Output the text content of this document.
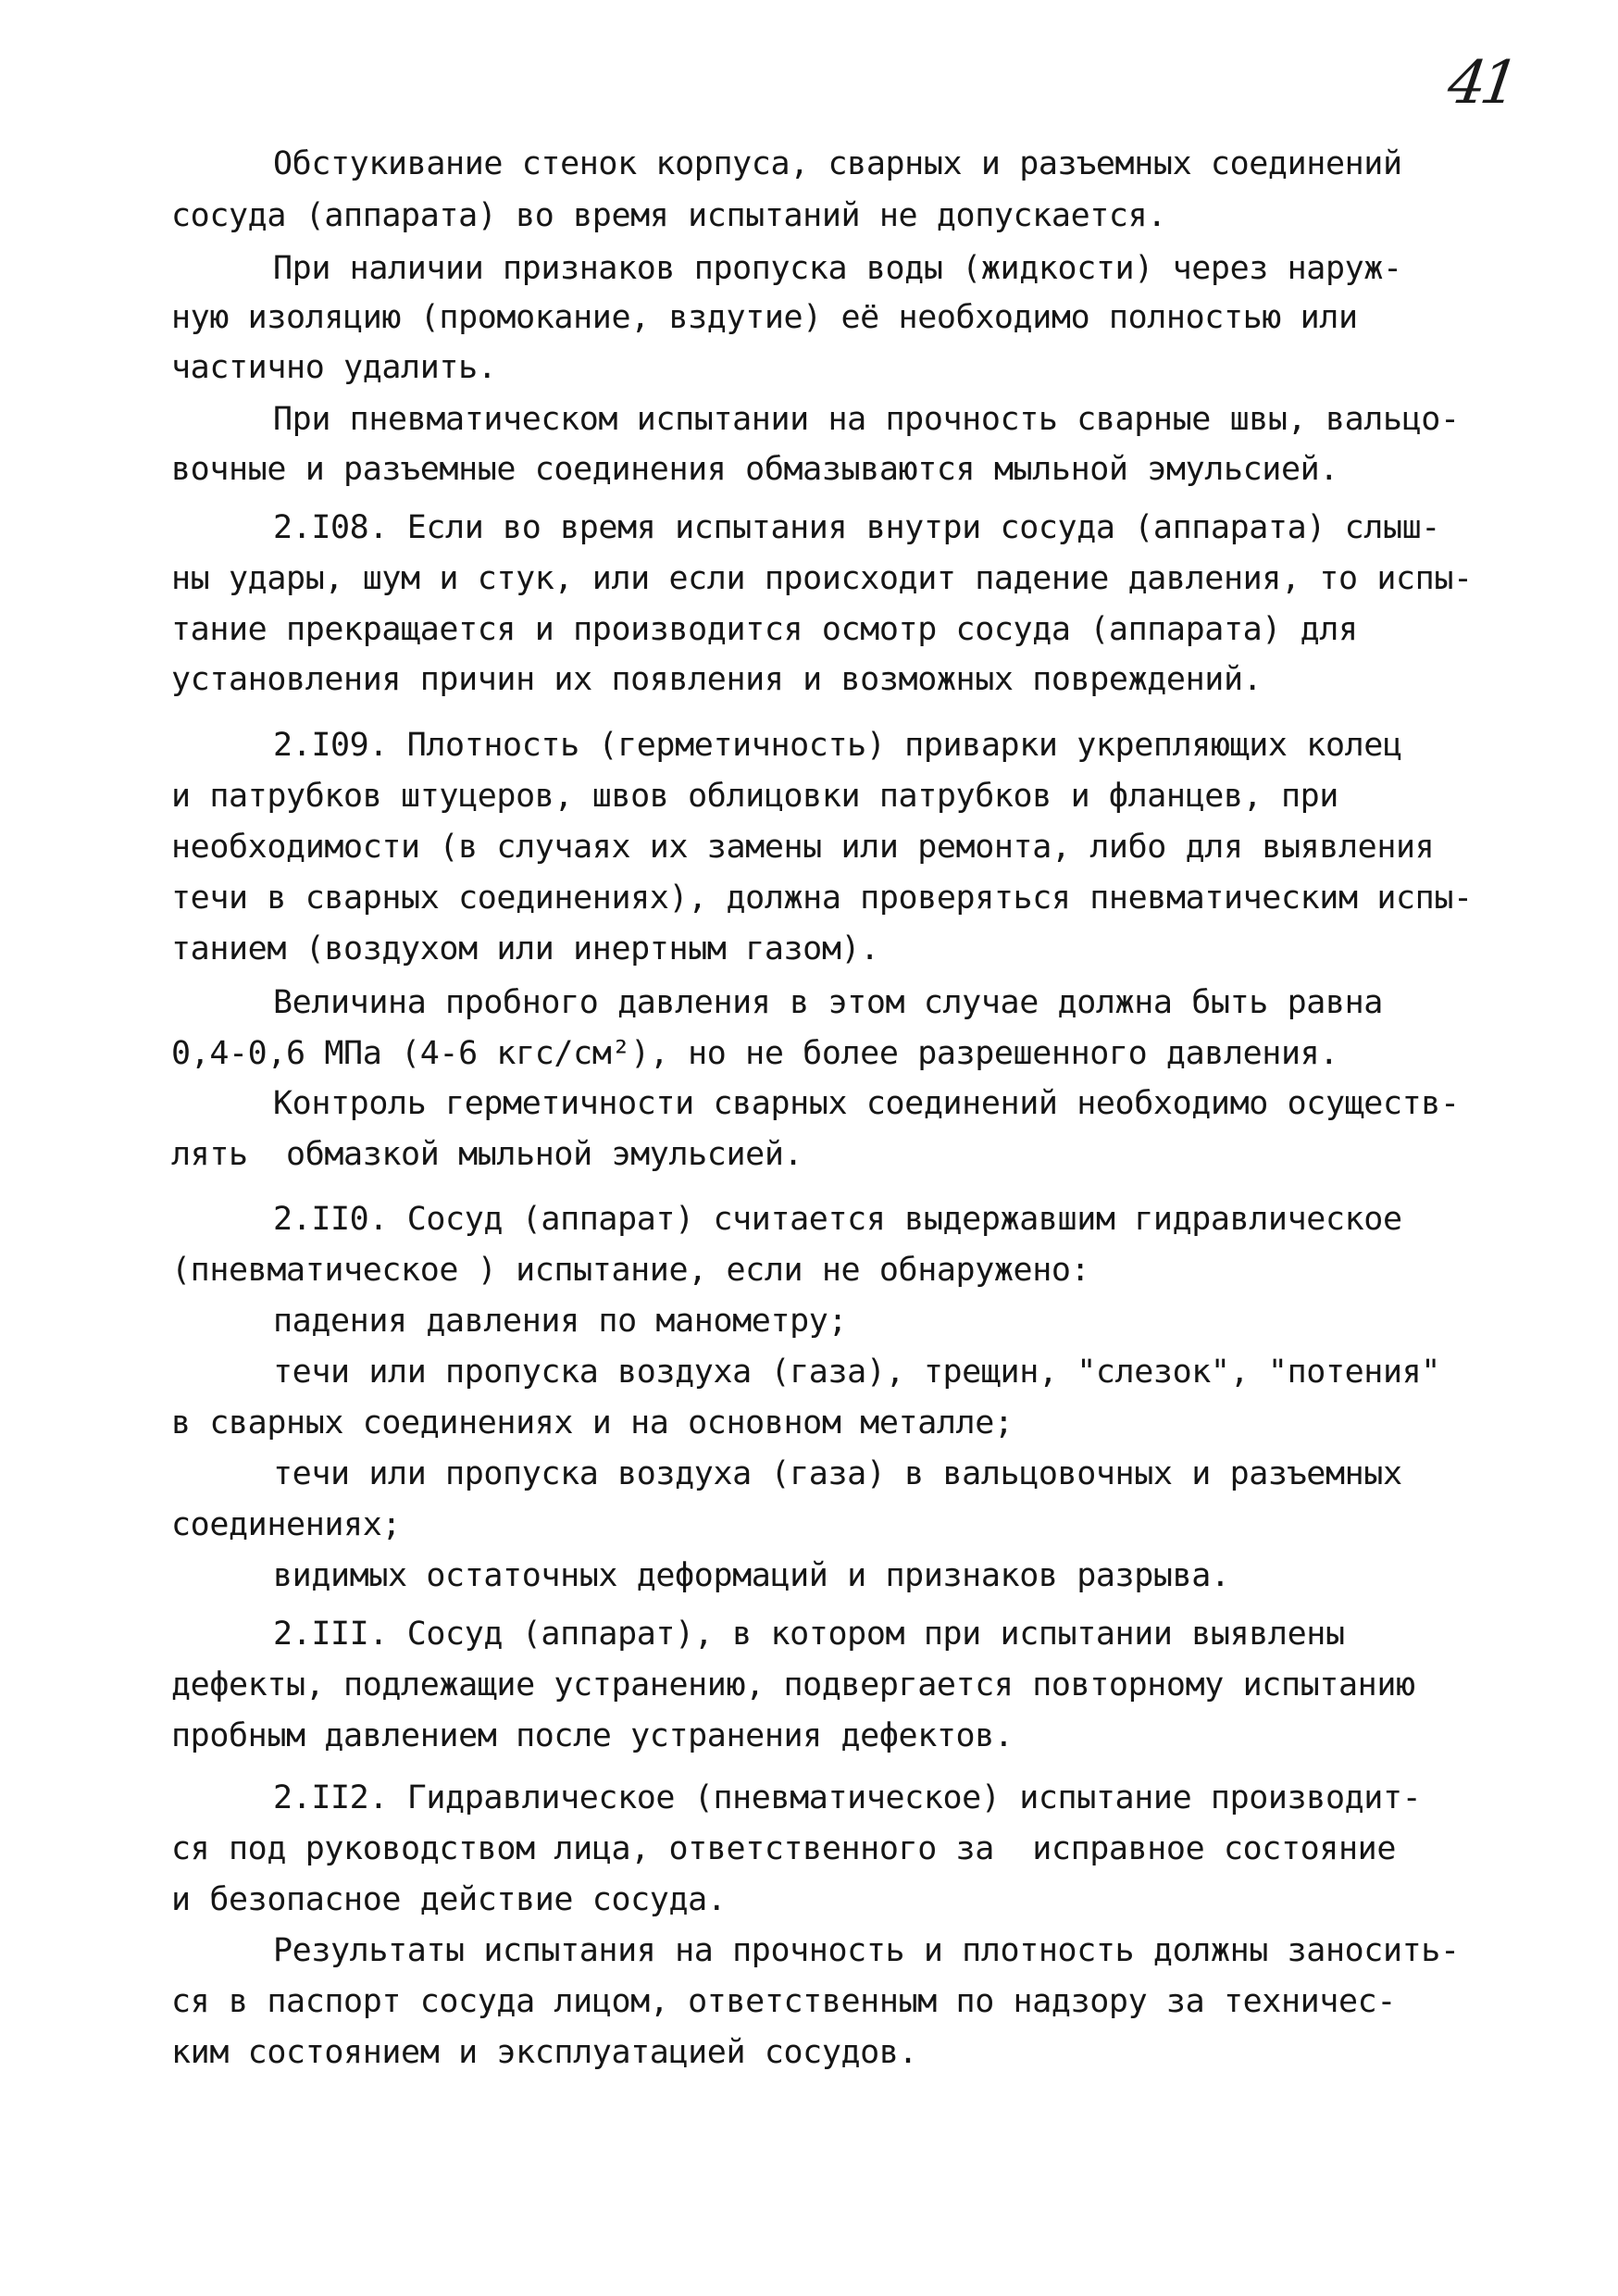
41
Обстукивание стенок корпуса, сварных и разъемных соединений
сосуда (аппарата) во время испытаний не допускается.
При наличии признаков пропуска воды (жидкости) через наруж-
ную изоляцию (промокание, вздутие) её необходимо полностью или
частично удалить.
При пневматическом испытании на прочность сварные швы, вальцо-
вочные и разъемные соединения обмазываются мыльной эмульсией.
2.I08. Если во время испытания внутри сосуда (аппарата) слыш-
ны удары, шум и стук, или если происходит падение давления, то испы-
тание прекращается и производится осмотр сосуда (аппарата) для
установления причин их появления и возможных повреждений.
2.I09. Плотность (герметичность) приварки укрепляющих колец
и патрубков штуцеров, швов облицовки патрубков и фланцев, при
необходимости (в случаях их замены или ремонта, либо для выявления
течи в сварных соединениях), должна проверяться пневматическим испы-
танием (воздухом или инертным газом).
Величина пробного давления в этом случае должна быть равна
0,4-0,6 МПа (4-6 кгс/см²), но не более разрешенного давления.
Контроль герметичности сварных соединений необходимо осуществ-
лять  обмазкой мыльной эмульсией.
2.II0. Сосуд (аппарат) считается выдержавшим гидравлическое
(пневматическое ) испытание, если не обнаружено:
падения давления по манометру;
течи или пропуска воздуха (газа), трещин, "слезок", "потения"
в сварных соединениях и на основном металле;
течи или пропуска воздуха (газа) в вальцовочных и разъемных
соединениях;
видимых остаточных деформаций и признаков разрыва.
2.III. Сосуд (аппарат), в котором при испытании выявлены
дефекты, подлежащие устранению, подвергается повторному испытанию
пробным давлением после устранения дефектов.
2.II2. Гидравлическое (пневматическое) испытание производит-
ся под руководством лица, ответственного за  исправное состояние
и безопасное действие сосуда.
Результаты испытания на прочность и плотность должны заносить-
ся в паспорт сосуда лицом, ответственным по надзору за техничес-
ким состоянием и эксплуатацией сосудов.
